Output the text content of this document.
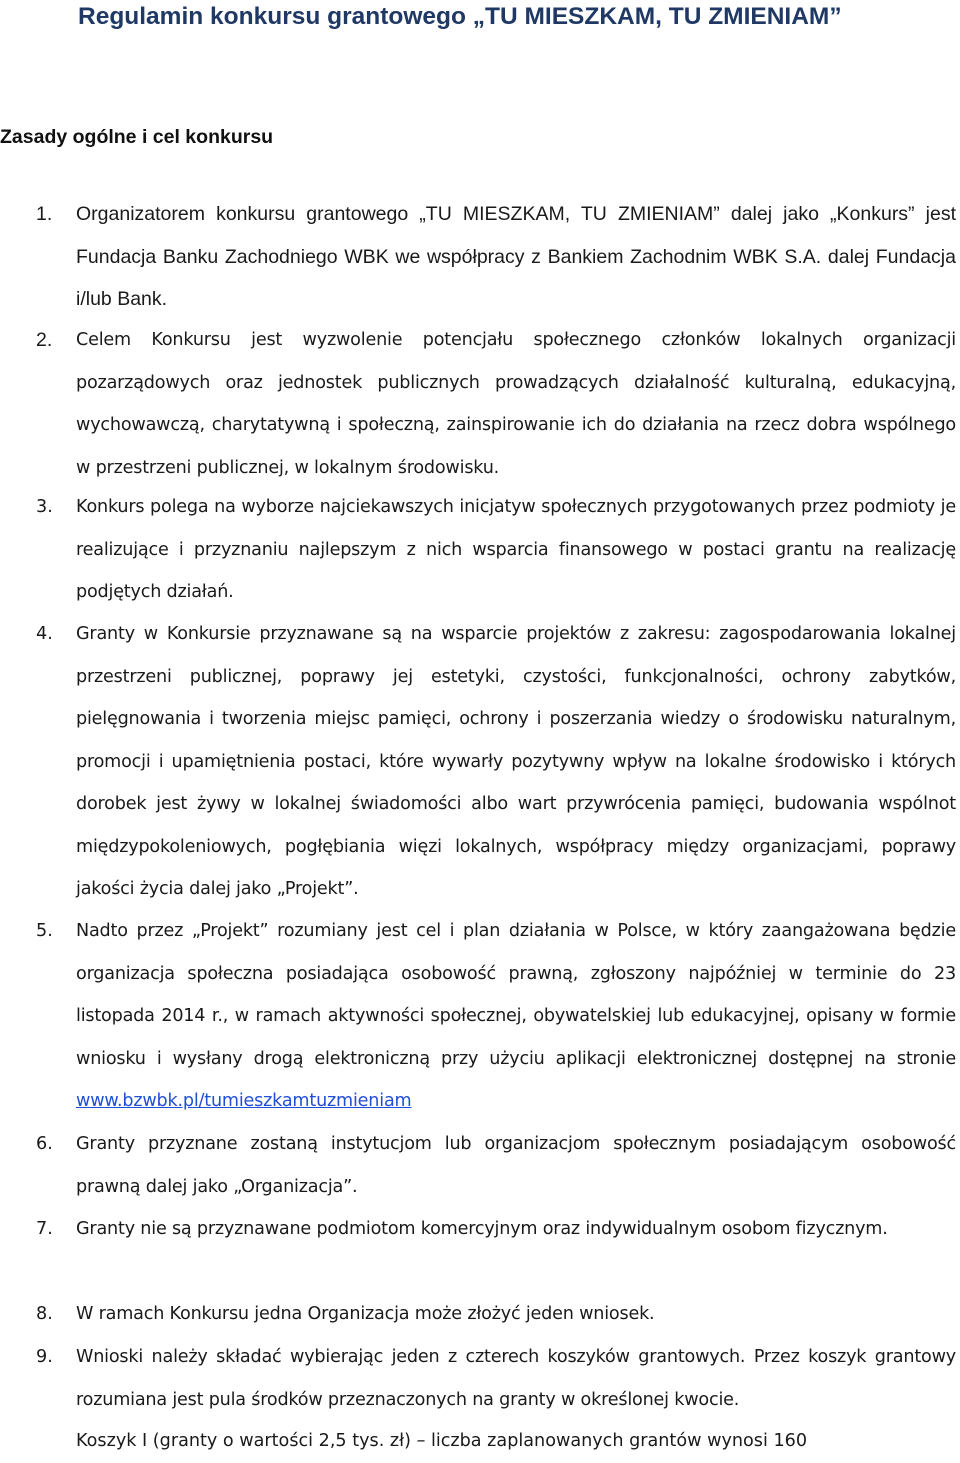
Regulamin konkursu grantowego „TU MIESZKAM, TU ZMIENIAM”
Zasady ogólne i cel konkursu
1.	Organizatorem konkursu grantowego „TU MIESZKAM, TU ZMIENIAM” dalej jako „Konkurs” jest Fundacja Banku Zachodniego WBK we współpracy z Bankiem Zachodnim WBK S.A. dalej Fundacja i/lub Bank.

2.	Celem Konkursu jest wyzwolenie potencjału społecznego członków lokalnych organizacji pozarządowych oraz jednostek publicznych prowadzących działalność kulturalną, edukacyjną, wychowawczą, charytatywną i społeczną, zainspirowanie ich do działania na rzecz dobra wspólnego w przestrzeni publicznej, w lokalnym środowisku.

3.	Konkurs polega na wyborze najciekawszych inicjatyw społecznych przygotowanych przez podmioty je realizujące i przyznaniu najlepszym z nich wsparcia finansowego w postaci grantu na realizację podjętych działań.

4.	Granty w Konkursie przyznawane są na wsparcie projektów z zakresu: zagospodarowania lokalnej przestrzeni publicznej, poprawy jej estetyki, czystości, funkcjonalności, ochrony zabytków, pielęgnowania i tworzenia miejsc pamięci, ochrony i poszerzania wiedzy o środowisku naturalnym, promocji i upamiętnienia postaci, które wywarły pozytywny wpływ na lokalne środowisko i których dorobek jest żywy w lokalnej świadomości albo wart przywrócenia pamięci, budowania wspólnot międzypokoleniowych, pogłębiania więzi lokalnych, współpracy między organizacjami, poprawy jakości życia dalej jako „Projekt”.

5.	Nadto przez „Projekt” rozumiany jest cel i plan działania w Polsce, w który zaangażowana będzie organizacja społeczna posiadająca osobowość prawną, zgłoszony najpóźniej w terminie do 23 listopada 2014 r., w ramach aktywności społecznej, obywatelskiej lub edukacyjnej, opisany w formie wniosku i wysłany drogą elektroniczną przy użyciu aplikacji elektronicznej dostępnej na stronie www.bzwbk.pl/tumieszkamtuzmieniam

6.	Granty przyznane zostaną instytucjom lub organizacjom społecznym posiadającym osobowość prawną dalej jako „Organizacja”.

7.	Granty nie są przyznawane podmiotom komercyjnym oraz indywidualnym osobom fizycznym.

8.	W ramach Konkursu jedna Organizacja może złożyć jeden wniosek.

9.	Wnioski należy składać wybierając jeden z czterech koszyków grantowych. Przez koszyk grantowy rozumiana jest pula środków przeznaczonych na granty w określonej kwocie.

Koszyk I (granty o wartości 2,5 tys. zł) – liczba zaplanowanych grantów wynosi 160
